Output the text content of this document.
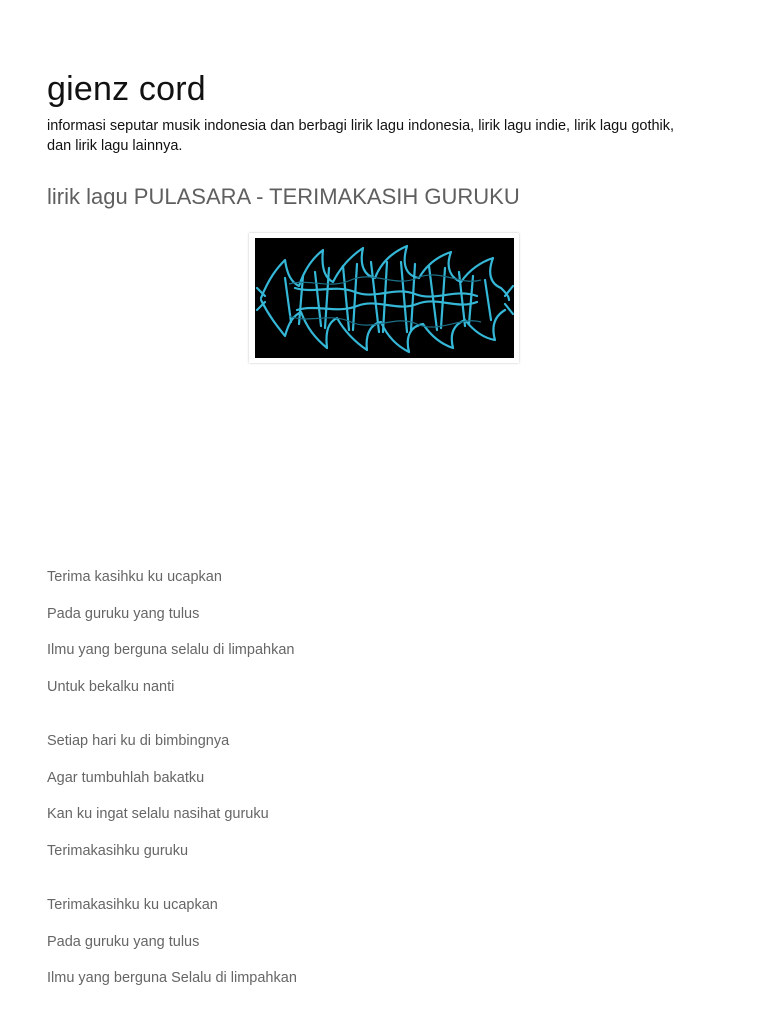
gienz cord

informasi seputar musik indonesia dan berbagi lirik lagu indonesia, lirik lagu indie, lirik lagu gothik, dan lirik lagu lainnya.

lirik lagu PULASARA - TERIMAKASIH GURUKU

Terima kasihku ku ucapkan

Pada guruku yang tulus

Ilmu yang berguna selalu di limpahkan

Untuk bekalku nanti

Setiap hari ku di bimbingnya

Agar tumbuhlah bakatku

Kan ku ingat selalu nasihat guruku

Terimakasihku guruku

Terimakasihku ku ucapkan

Pada guruku yang tulus

Ilmu yang berguna Selalu di limpahkan
